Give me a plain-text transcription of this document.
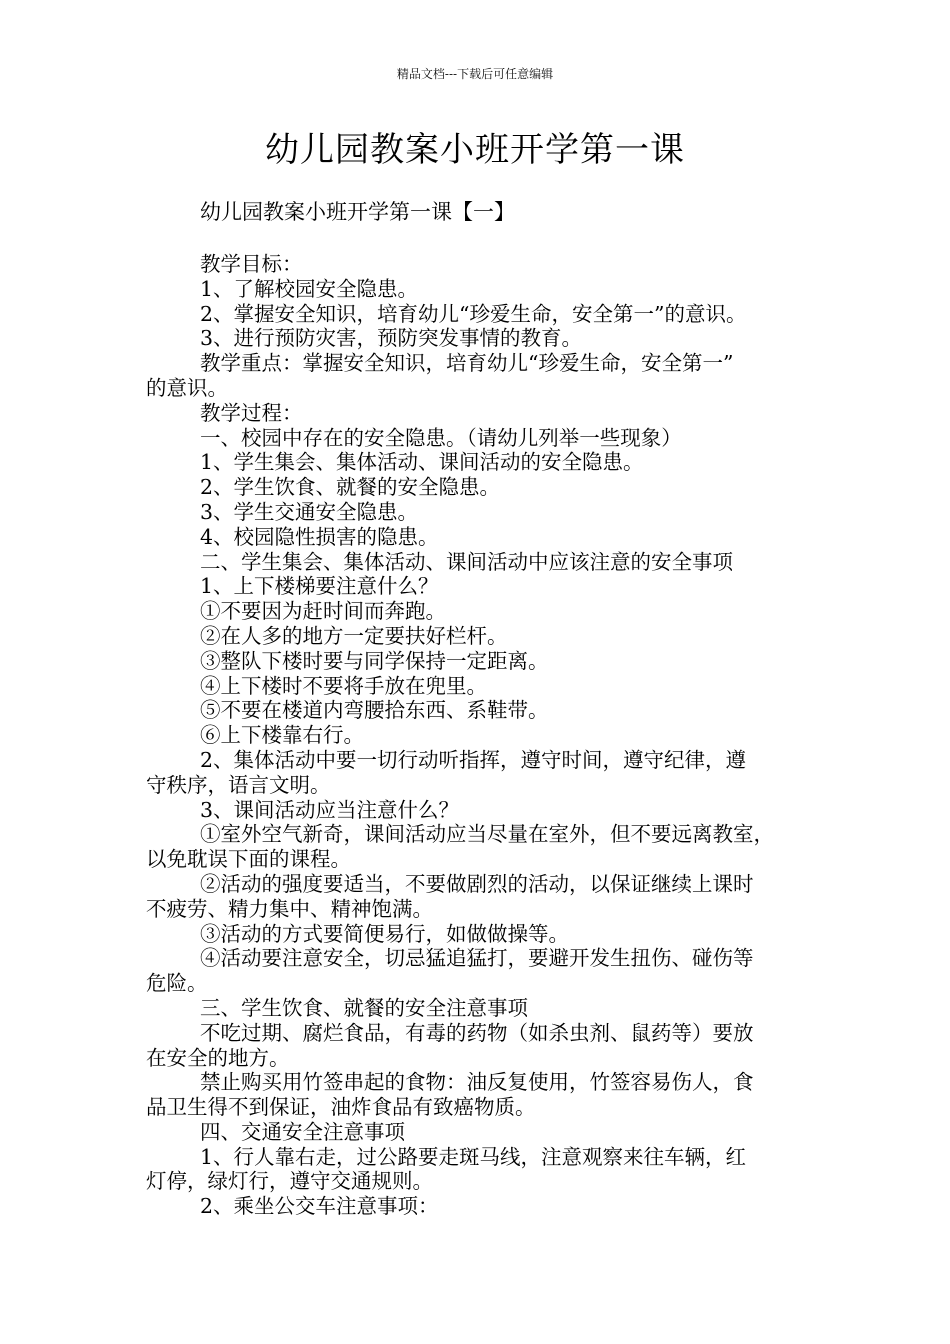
精品文档---下载后可任意编辑
幼儿园教案小班开学第一课
幼儿园教案小班开学第一课【一】
教学目标：
1、了解校园安全隐患。
2、掌握安全知识，培育幼儿“珍爱生命，安全第一”的意识。
3、进行预防灾害，预防突发事情的教育。
教学重点：掌握安全知识，培育幼儿“珍爱生命，安全第一”
的意识。
教学过程：
一、校园中存在的安全隐患。（请幼儿列举一些现象）
1、学生集会、集体活动、课间活动的安全隐患。
2、学生饮食、就餐的安全隐患。
3、学生交通安全隐患。
4、校园隐性损害的隐患。
二、学生集会、集体活动、课间活动中应该注意的安全事项
1、上下楼梯要注意什么？
①不要因为赶时间而奔跑。
②在人多的地方一定要扶好栏杆。
③整队下楼时要与同学保持一定距离。
④上下楼时不要将手放在兜里。
⑤不要在楼道内弯腰拾东西、系鞋带。
⑥上下楼靠右行。
2、集体活动中要一切行动听指挥，遵守时间，遵守纪律，遵
守秩序，语言文明。
3、课间活动应当注意什么？
①室外空气新奇，课间活动应当尽量在室外，但不要远离教室，
以免耽误下面的课程。
②活动的强度要适当，不要做剧烈的活动，以保证继续上课时
不疲劳、精力集中、精神饱满。
③活动的方式要简便易行，如做做操等。
④活动要注意安全，切忌猛追猛打，要避开发生扭伤、碰伤等
危险。
三、学生饮食、就餐的安全注意事项
不吃过期、腐烂食品，有毒的药物（如杀虫剂、鼠药等）要放
在安全的地方。
禁止购买用竹签串起的食物：油反复使用，竹签容易伤人，食
品卫生得不到保证，油炸食品有致癌物质。
四、交通安全注意事项
1、行人靠右走，过公路要走斑马线，注意观察来往车辆，红
灯停，绿灯行，遵守交通规则。
2、乘坐公交车注意事项：
